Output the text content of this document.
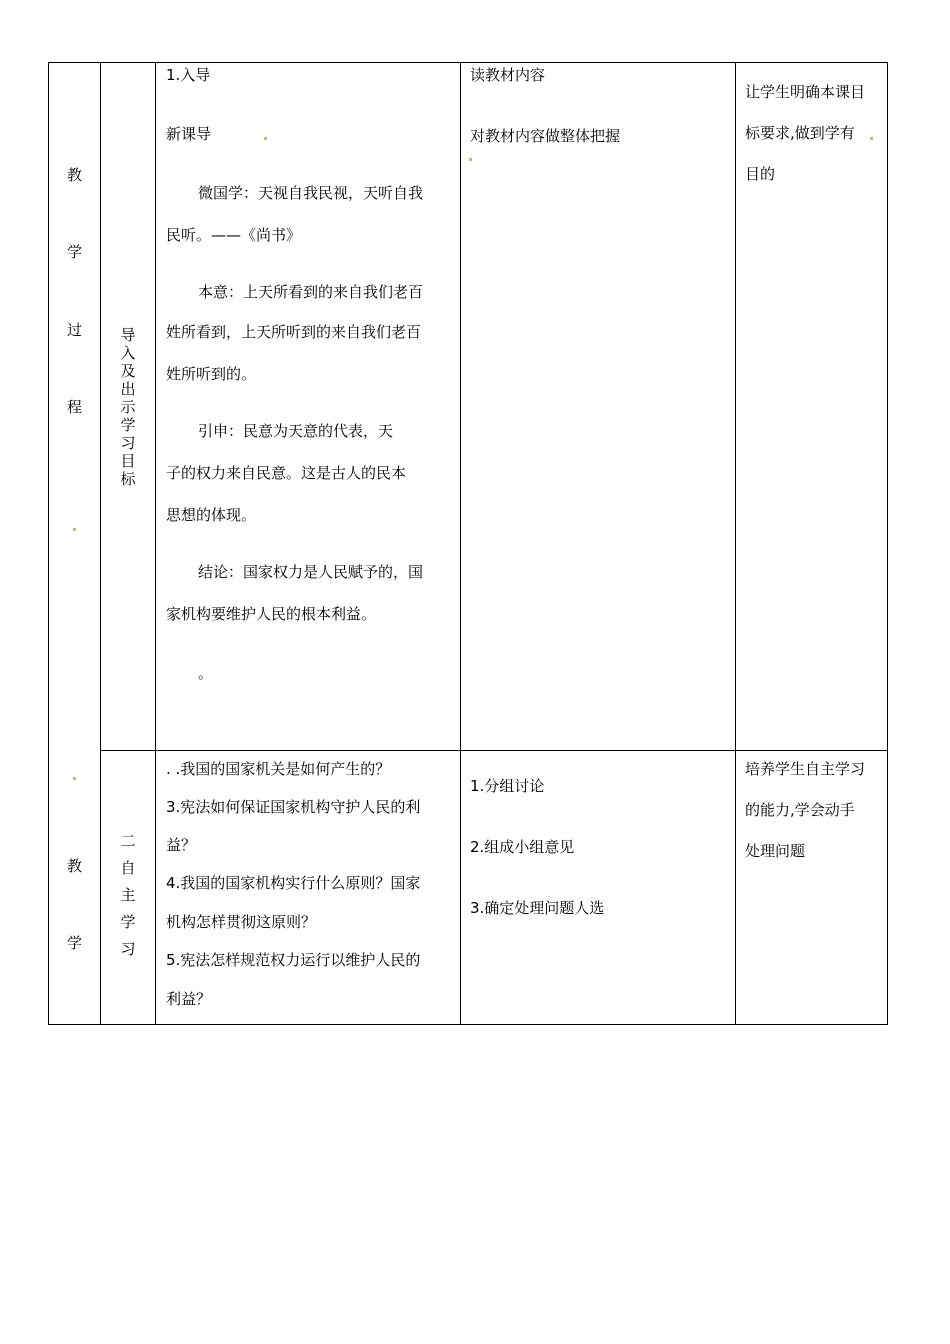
教
学
过
程
教
学
导
入
及
出
示
学
习
目
标
1.入导
新课导
微国学：天视自我民视，天听自我
民听。——《尚书》
本意：上天所看到的来自我们老百
姓所看到，上天所听到的来自我们老百
姓所听到的。
引申：民意为天意的代表，天
子的权力来自民意。这是古人的民本
思想的体现。
结论：国家权力是人民赋予的，国
家机构要维护人民的根本利益。
。
读教材内容
对教材内容做整体把握
让学生明确本课目
标要求,做到学有
目的
二
自
主
学
习
. .我国的国家机关是如何产生的？
3.宪法如何保证国家机构守护人民的利
益？
4.我国的国家机构实行什么原则？国家
机构怎样贯彻这原则？
5.宪法怎样规范权力运行以维护人民的
利益？
1.分组讨论
2.组成小组意见
3.确定处理问题人选
培养学生自主学习
的能力,学会动手
处理问题
